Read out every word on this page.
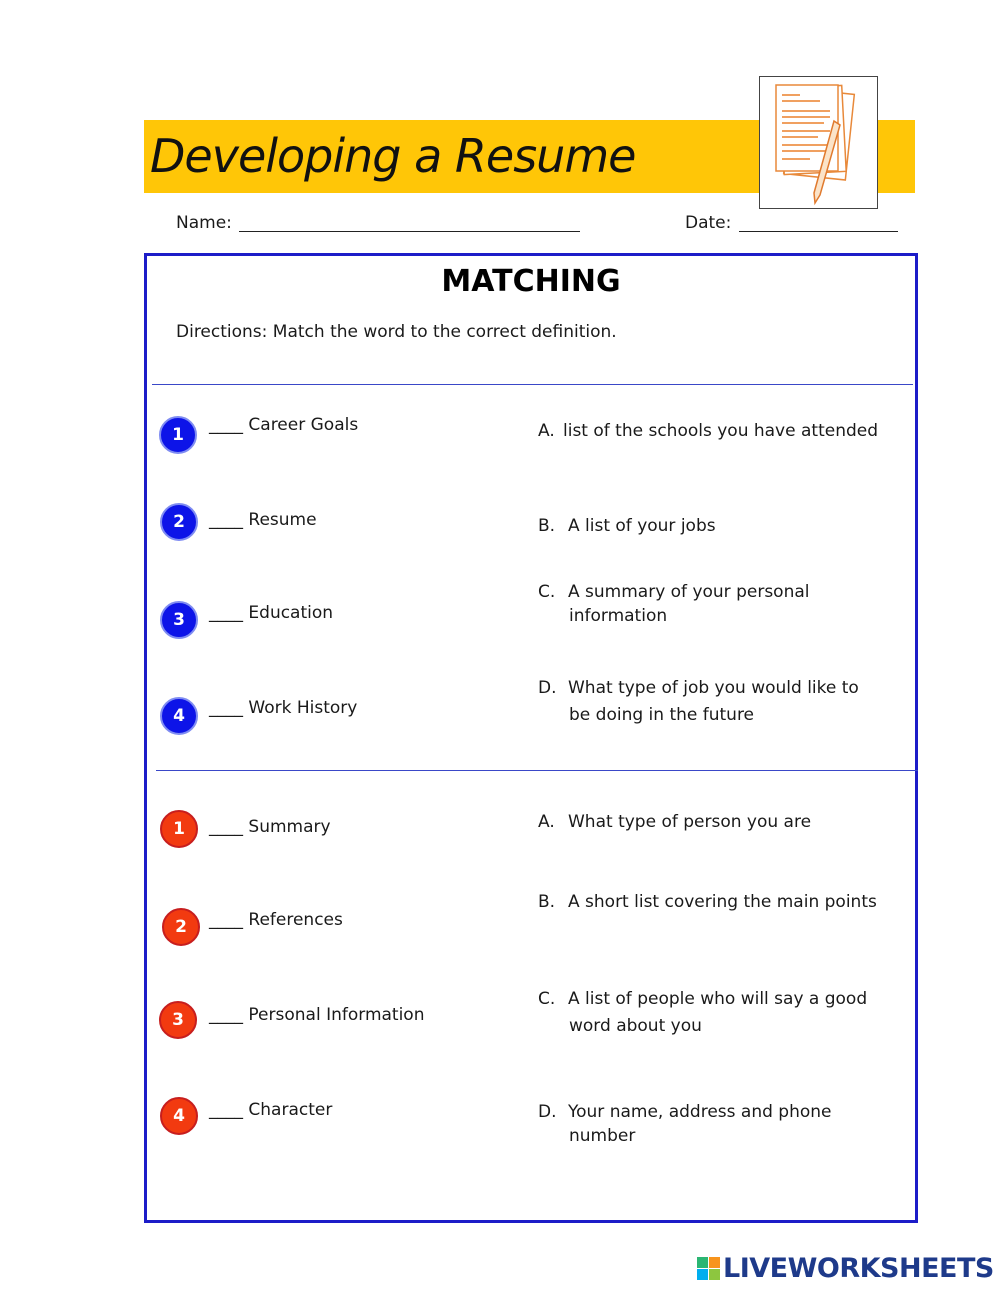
Developing a Resume
Name:	Date:
MATCHING
Directions: Match the word to the correct definition.
1	____ Career Goals
2	____ Resume
3	____ Education
4	____ Work History
A. list of the schools you have attended
B. A list of your jobs
C. A summary of your personal
information
D. What type of job you would like to
be doing in the future
1	____ Summary
2	____ References
3	____ Personal Information
4	____ Character
A. What type of person you are
B. A short list covering the main points
C. A list of people who will say a good
word about you
D. Your name, address and phone
number
LIVEWORKSHEETS
